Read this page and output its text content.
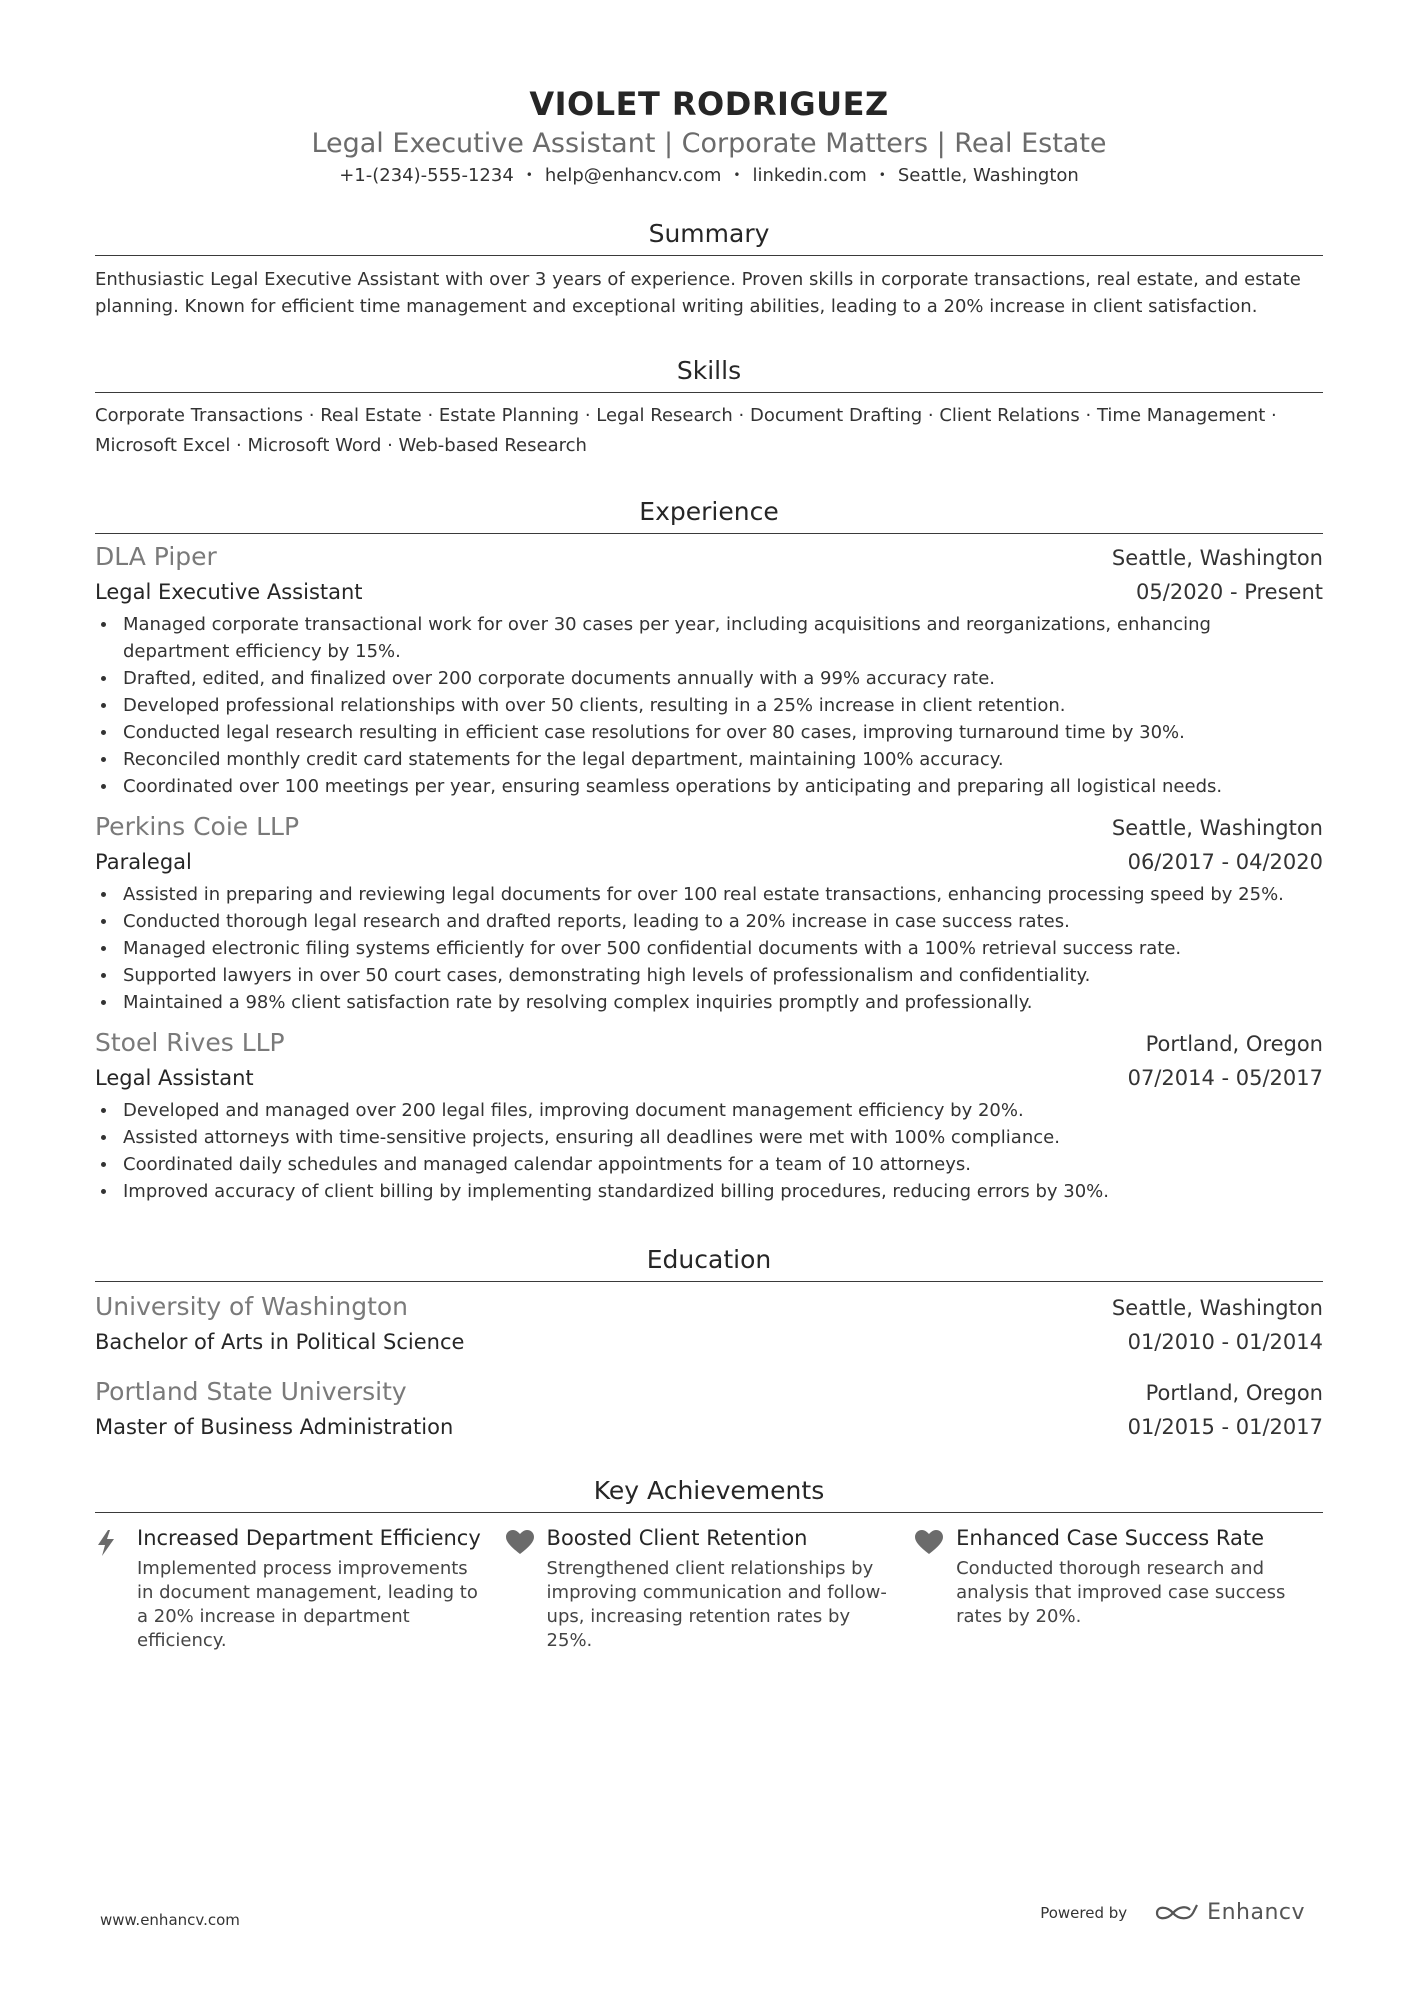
VIOLET RODRIGUEZ
Legal Executive Assistant | Corporate Matters | Real Estate
+1-(234)-555-1234 • help@enhancv.com • linkedin.com • Seattle, Washington
Summary
Enthusiastic Legal Executive Assistant with over 3 years of experience. Proven skills in corporate transactions, real estate, and estate planning. Known for efficient time management and exceptional writing abilities, leading to a 20% increase in client satisfaction.
Skills
Corporate Transactions · Real Estate · Estate Planning · Legal Research · Document Drafting · Client Relations · Time Management · Microsoft Excel · Microsoft Word · Web-based Research
Experience
DLA Piper	Seattle, Washington
Legal Executive Assistant	05/2020 - Present
Managed corporate transactional work for over 30 cases per year, including acquisitions and reorganizations, enhancing department efficiency by 15%.
Drafted, edited, and finalized over 200 corporate documents annually with a 99% accuracy rate.
Developed professional relationships with over 50 clients, resulting in a 25% increase in client retention.
Conducted legal research resulting in efficient case resolutions for over 80 cases, improving turnaround time by 30%.
Reconciled monthly credit card statements for the legal department, maintaining 100% accuracy.
Coordinated over 100 meetings per year, ensuring seamless operations by anticipating and preparing all logistical needs.
Perkins Coie LLP	Seattle, Washington
Paralegal	06/2017 - 04/2020
Assisted in preparing and reviewing legal documents for over 100 real estate transactions, enhancing processing speed by 25%.
Conducted thorough legal research and drafted reports, leading to a 20% increase in case success rates.
Managed electronic filing systems efficiently for over 500 confidential documents with a 100% retrieval success rate.
Supported lawyers in over 50 court cases, demonstrating high levels of professionalism and confidentiality.
Maintained a 98% client satisfaction rate by resolving complex inquiries promptly and professionally.
Stoel Rives LLP	Portland, Oregon
Legal Assistant	07/2014 - 05/2017
Developed and managed over 200 legal files, improving document management efficiency by 20%.
Assisted attorneys with time-sensitive projects, ensuring all deadlines were met with 100% compliance.
Coordinated daily schedules and managed calendar appointments for a team of 10 attorneys.
Improved accuracy of client billing by implementing standardized billing procedures, reducing errors by 30%.
Education
University of Washington	Seattle, Washington
Bachelor of Arts in Political Science	01/2010 - 01/2014
Portland State University	Portland, Oregon
Master of Business Administration	01/2015 - 01/2017
Key Achievements
Increased Department Efficiency
Implemented process improvements in document management, leading to a 20% increase in department efficiency.
Boosted Client Retention
Strengthened client relationships by improving communication and follow-ups, increasing retention rates by 25%.
Enhanced Case Success Rate
Conducted thorough research and analysis that improved case success rates by 20%.
www.enhancv.com	Powered by	Enhancv
